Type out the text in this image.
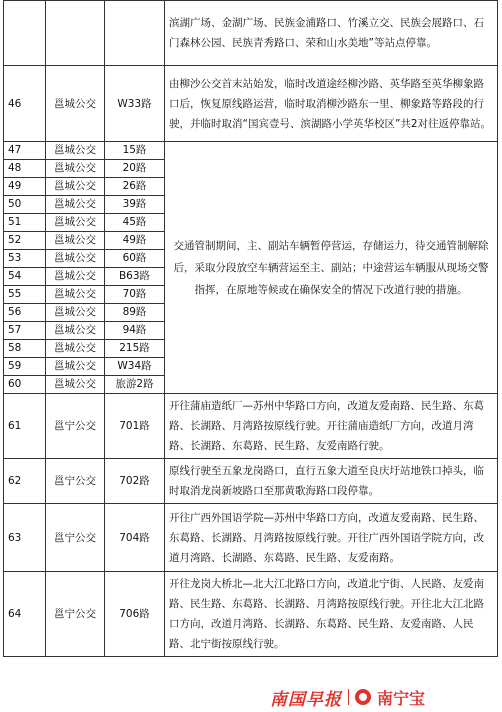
			滨湖广场、金湖广场、民族金浦路口、竹溪立交、民族会展路口、石门森林公园、民族青秀路口、荣和山水美地”等站点停靠。
46	邕城公交	W33路	由柳沙公交首末站始发，临时改道途经柳沙路、英华路至英华柳象路口后，恢复原线路运营，临时取消柳沙路东一里、柳象路等路段的行驶，并临时取消“国宾壹号、滨湖路小学英华校区”共2对往返停靠站。
47	邕城公交	15路	交通管制期间，主、副站车辆暂停营运，存储运力，待交通管制解除后，采取分段放空车辆营运至主、副站；中途营运车辆服从现场交警指挥，在原地等候或在确保安全的情况下改道行驶的措施。
48	邕城公交	20路	
49	邕城公交	26路	
50	邕城公交	39路	
51	邕城公交	45路	
52	邕城公交	49路	
53	邕城公交	60路	
54	邕城公交	B63路	
55	邕城公交	70路	
56	邕城公交	89路	
57	邕城公交	94路	
58	邕城公交	215路	
59	邕城公交	W34路	
60	邕城公交	旅游2路	
61	邕宁公交	701路	开往蒲庙造纸厂—苏州中华路口方向，改道友爱南路、民生路、东葛路、长湖路、月湾路按原线行驶。开往蒲庙造纸厂方向，改道月湾路、长湖路、东葛路、民生路、友爱南路行驶。
62	邕宁公交	702路	原线行驶至五象龙岗路口，直行五象大道至良庆圩站地铁口掉头，临时取消龙岗新坡路口至那黄歌海路口段停靠。
63	邕宁公交	704路	开往广西外国语学院—苏州中华路口方向，改道友爱南路、民生路、东葛路、长湖路、月湾路按原线行驶。开往广西外国语学院方向，改道月湾路、长湖路、东葛路、民生路、友爱南路。
64	邕宁公交	706路	开往龙岗大桥北—北大江北路口方向，改道北宁街、人民路、友爱南路、民生路、东葛路、长湖路、月湾路按原线行驶。开往北大江北路口方向，改道月湾路、长湖路、东葛路、民生路、友爱南路、人民路、北宁街按原线行驶。
南国早报 南宁宝
